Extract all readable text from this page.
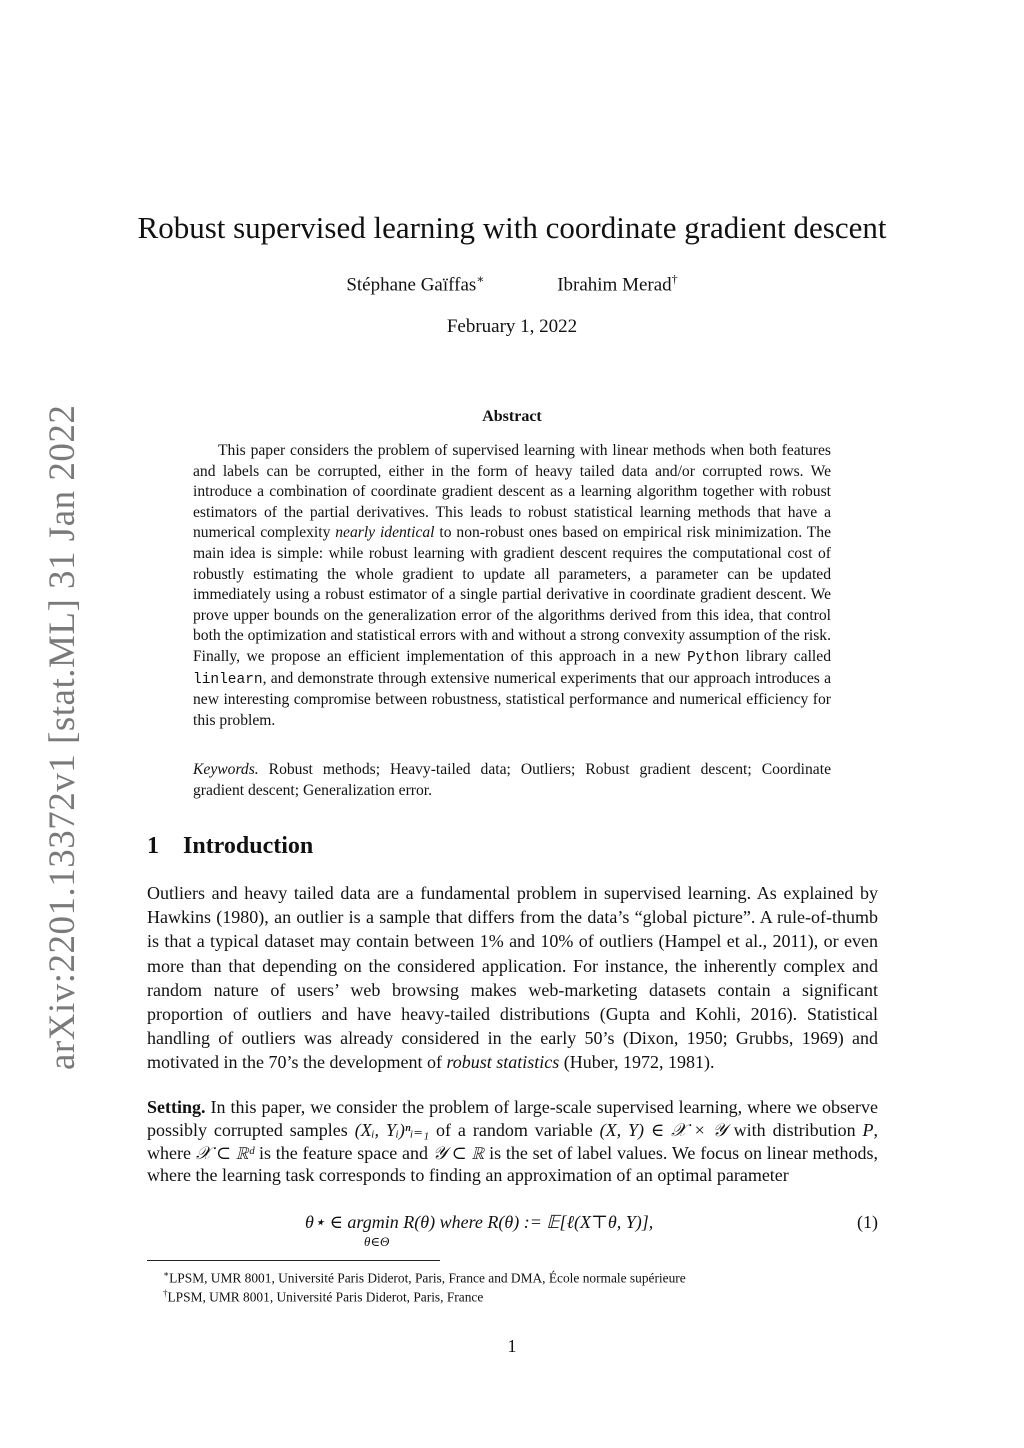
arXiv:2201.13372v1 [stat.ML] 31 Jan 2022
Robust supervised learning with coordinate gradient descent
Stéphane Gaïffas∗	Ibrahim Merad†
February 1, 2022
Abstract

This paper considers the problem of supervised learning with linear methods when both features and labels can be corrupted, either in the form of heavy tailed data and/or corrupted rows. We introduce a combination of coordinate gradient descent as a learning algorithm together with robust estimators of the partial derivatives. This leads to robust statistical learning methods that have a numerical complexity nearly identical to non-robust ones based on empirical risk minimization. The main idea is simple: while robust learning with gradient descent requires the computational cost of robustly estimating the whole gradient to update all parameters, a parameter can be updated immediately using a robust estimator of a single partial derivative in coordinate gradient descent. We prove upper bounds on the generalization error of the algorithms derived from this idea, that control both the optimization and statistical errors with and without a strong convexity assumption of the risk. Finally, we propose an efficient implementation of this approach in a new Python library called linlearn, and demonstrate through extensive numerical experiments that our approach introduces a new interesting compromise between robustness, statistical performance and numerical efficiency for this problem.

Keywords. Robust methods; Heavy-tailed data; Outliers; Robust gradient descent; Coordinate gradient descent; Generalization error.

1 Introduction

Outliers and heavy tailed data are a fundamental problem in supervised learning. As explained by Hawkins (1980), an outlier is a sample that differs from the data’s “global picture”. A rule-of-thumb is that a typical dataset may contain between 1% and 10% of outliers (Hampel et al., 2011), or even more than that depending on the considered application. For instance, the inherently complex and random nature of users’ web browsing makes web-marketing datasets contain a significant proportion of outliers and have heavy-tailed distributions (Gupta and Kohli, 2016). Statistical handling of outliers was already considered in the early 50’s (Dixon, 1950; Grubbs, 1969) and motivated in the 70’s the development of robust statistics (Huber, 1972, 1981).

Setting. In this paper, we consider the problem of large-scale supervised learning, where we observe possibly corrupted samples (Xᵢ, Yᵢ)ⁿᵢ₌₁ of a random variable (X, Y) ∈ 𝒳 × 𝒴 with distribution P, where 𝒳 ⊂ ℝᵈ is the feature space and 𝒴 ⊂ ℝ is the set of label values. We focus on linear methods, where the learning task corresponds to finding an approximation of an optimal parameter

θ⋆ ∈ argmin R(θ) where R(θ) := 𝔼[ℓ(X⊤θ, Y)],
θ∈Θ
(1)
∗LPSM, UMR 8001, Université Paris Diderot, Paris, France and DMA, École normale supérieure
†LPSM, UMR 8001, Université Paris Diderot, Paris, France
1
